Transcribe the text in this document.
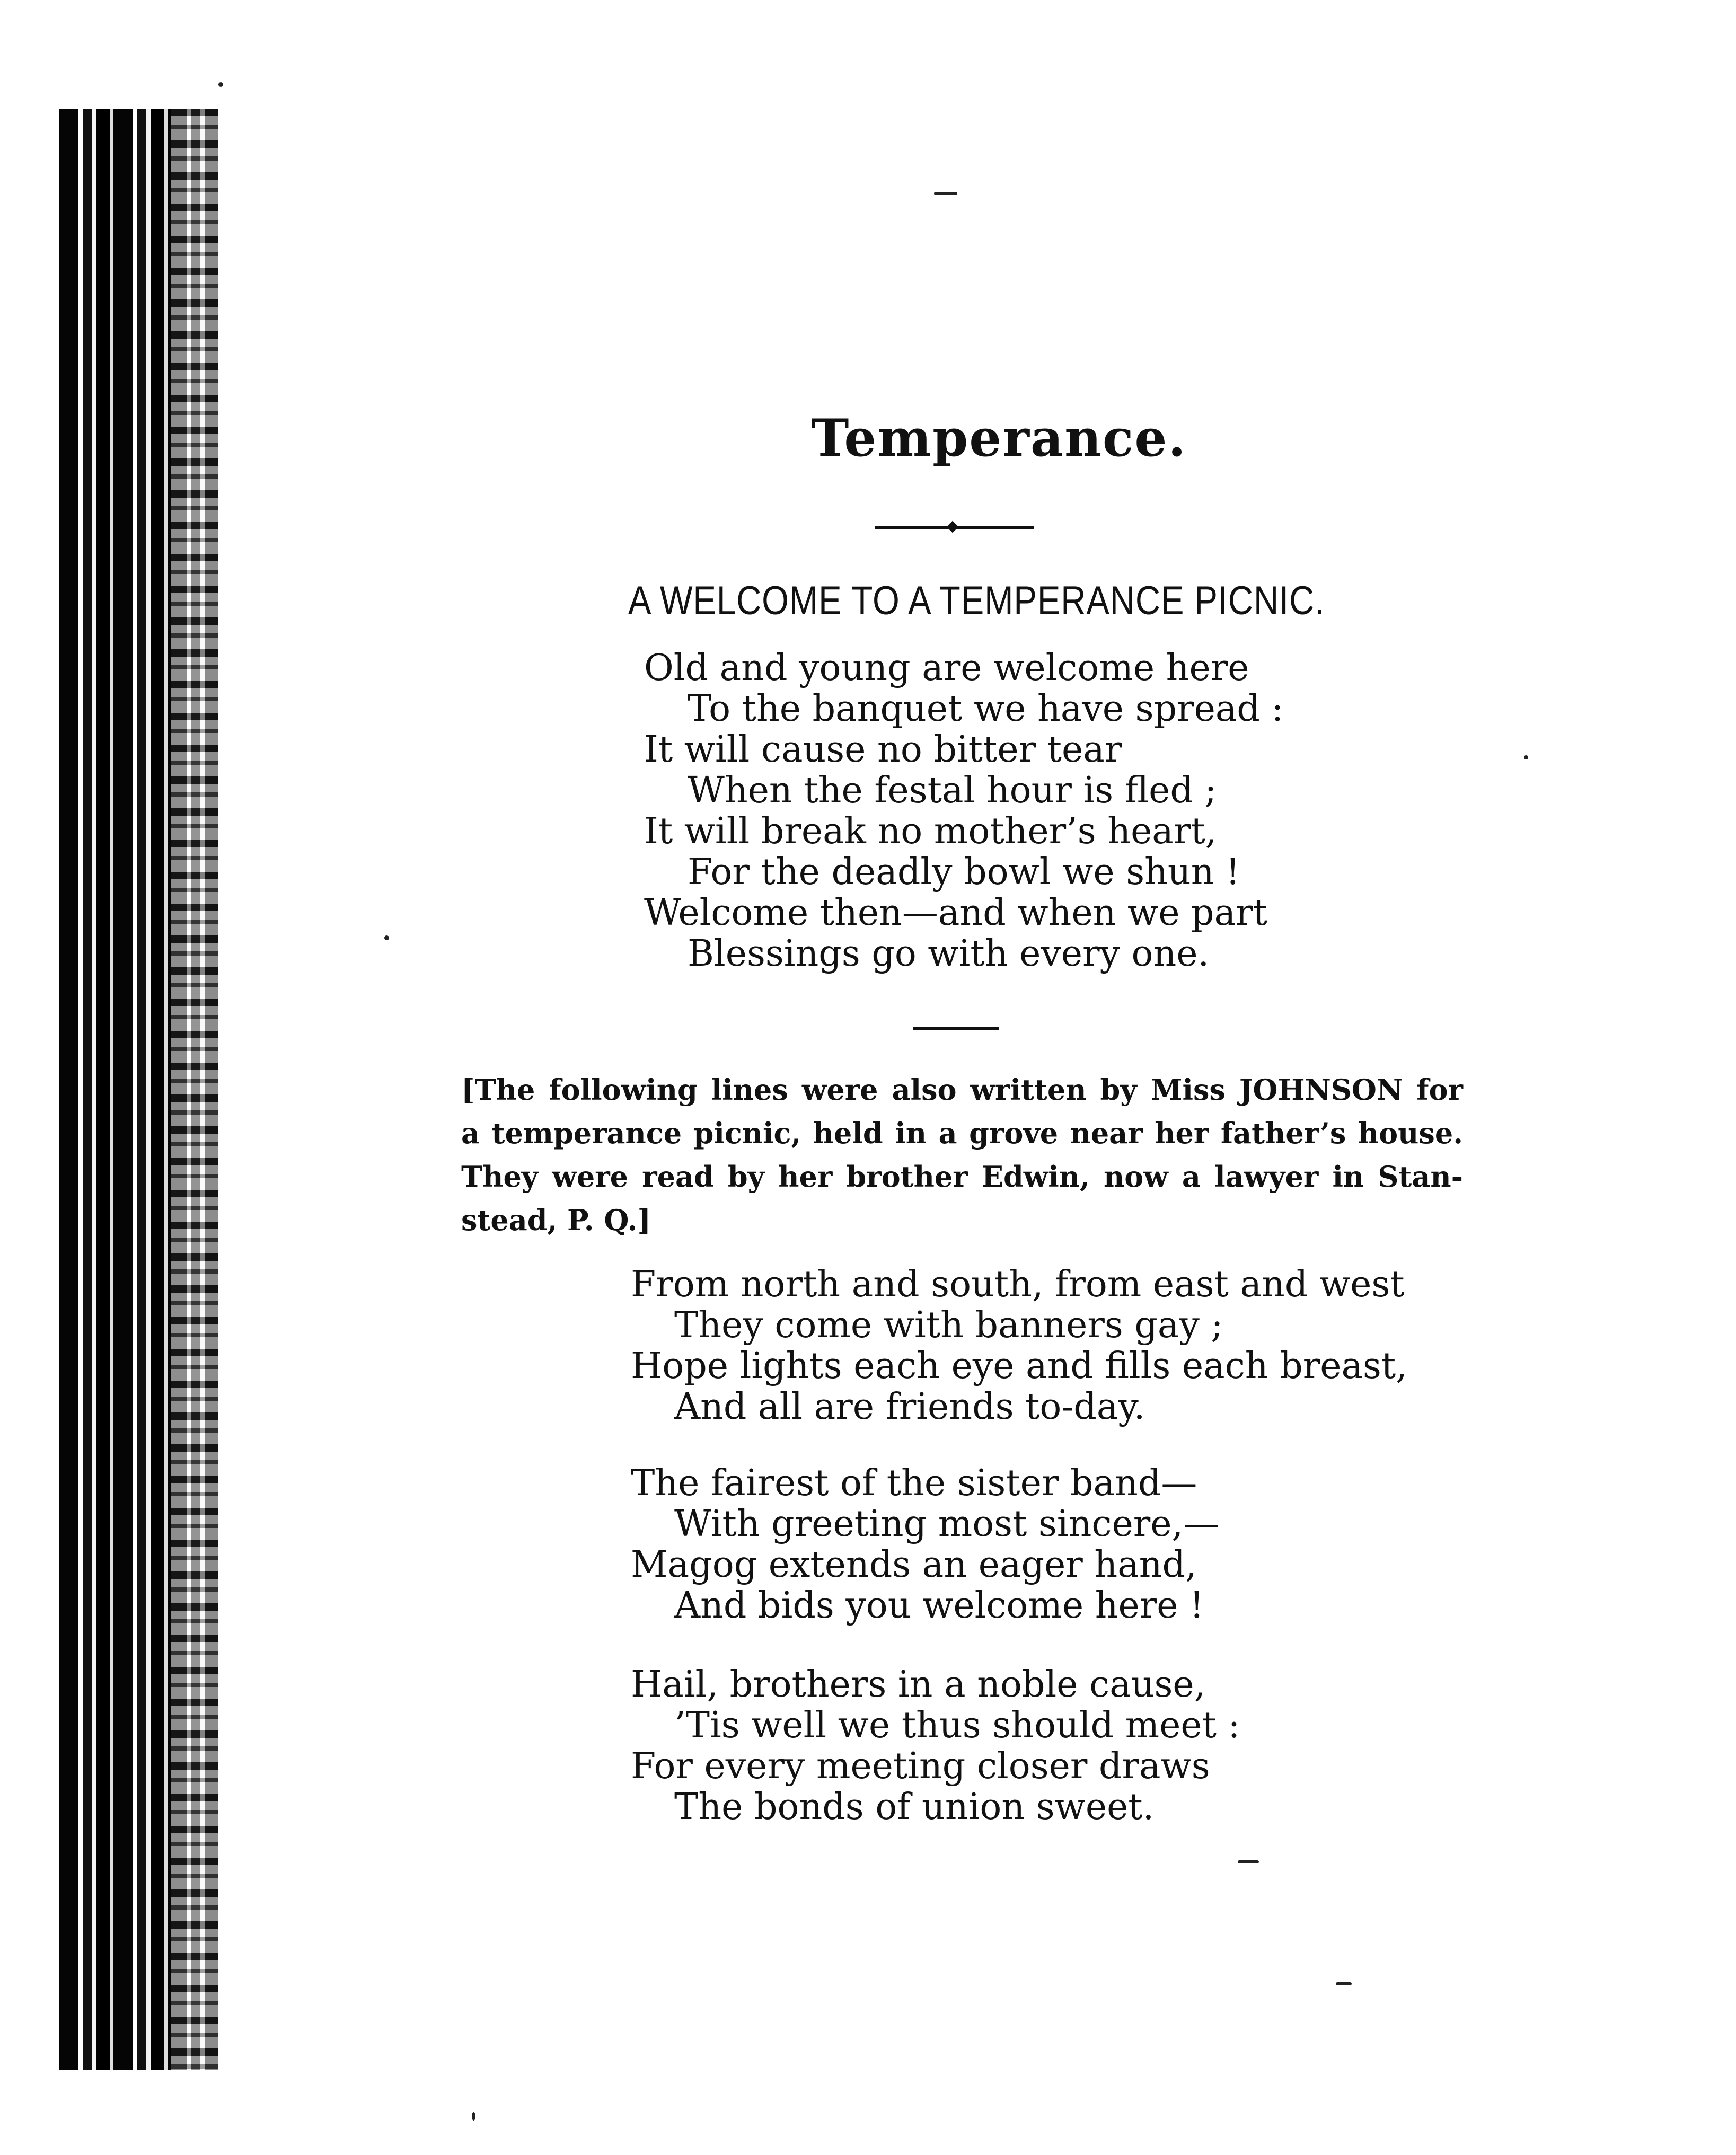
Temperance.
A WELCOME TO A TEMPERANCE PICNIC.
Old and young are welcome here
To the banquet we have spread :
It will cause no bitter tear
When the festal hour is fled ;
It will break no mother’s heart,
For the deadly bowl we shun !
Welcome then—and when we part
Blessings go with every one.
[The following lines were also written by Miss JOHNSON for
a temperance picnic, held in a grove near her father’s house.
They were read by her brother Edwin, now a lawyer in Stan-
stead, P. Q.]
From north and south, from east and west
They come with banners gay ;
Hope lights each eye and fills each breast,
And all are friends to-day.
The fairest of the sister band—
With greeting most sincere,—
Magog extends an eager hand,
And bids you welcome here !
Hail, brothers in a noble cause,
’Tis well we thus should meet :
For every meeting closer draws
The bonds of union sweet.
